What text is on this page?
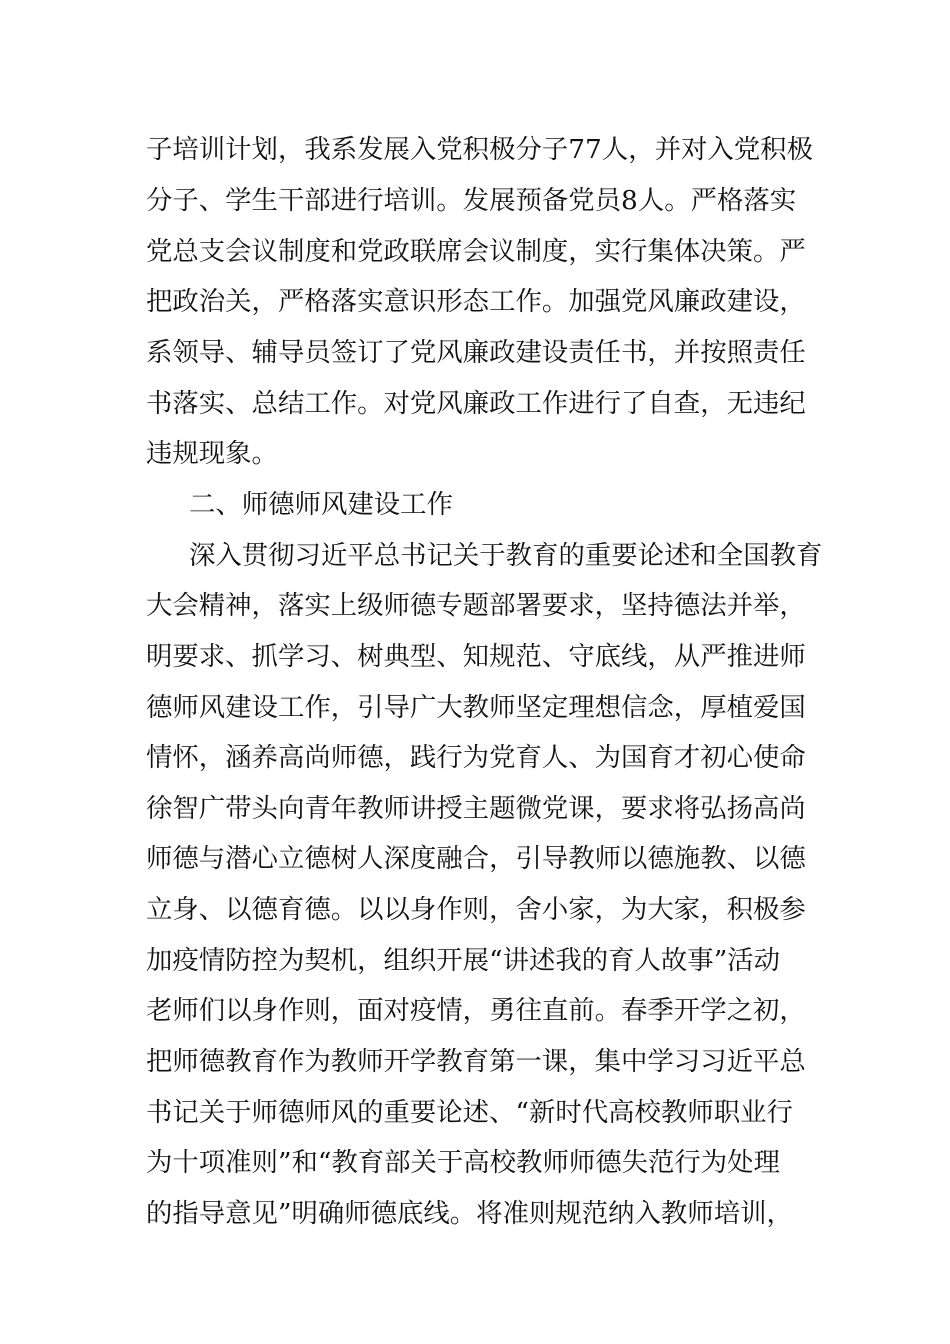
子培训计划，我系发展入党积极分子77人，并对入党积极
分子、学生干部进行培训。发展预备党员8人。严格落实
党总支会议制度和党政联席会议制度，实行集体决策。严
把政治关，严格落实意识形态工作。加强党风廉政建设，
系领导、辅导员签订了党风廉政建设责任书，并按照责任
书落实、总结工作。对党风廉政工作进行了自查，无违纪
违规现象。
二、师德师风建设工作
深入贯彻习近平总书记关于教育的重要论述和全国教育
大会精神，落实上级师德专题部署要求，坚持德法并举，
明要求、抓学习、树典型、知规范、守底线，从严推进师
德师风建设工作，引导广大教师坚定理想信念，厚植爱国
情怀，涵养高尚师德，践行为党育人、为国育才初心使命
徐智广带头向青年教师讲授主题微党课，要求将弘扬高尚
师德与潜心立德树人深度融合，引导教师以德施教、以德
立身、以德育德。以以身作则，舍小家，为大家，积极参
加疫情防控为契机，组织开展“讲述我的育人故事”活动
老师们以身作则，面对疫情，勇往直前。春季开学之初，
把师德教育作为教师开学教育第一课，集中学习习近平总
书记关于师德师风的重要论述、“新时代高校教师职业行
为十项准则”和“教育部关于高校教师师德失范行为处理
的指导意见”明确师德底线。将准则规范纳入教师培训，
